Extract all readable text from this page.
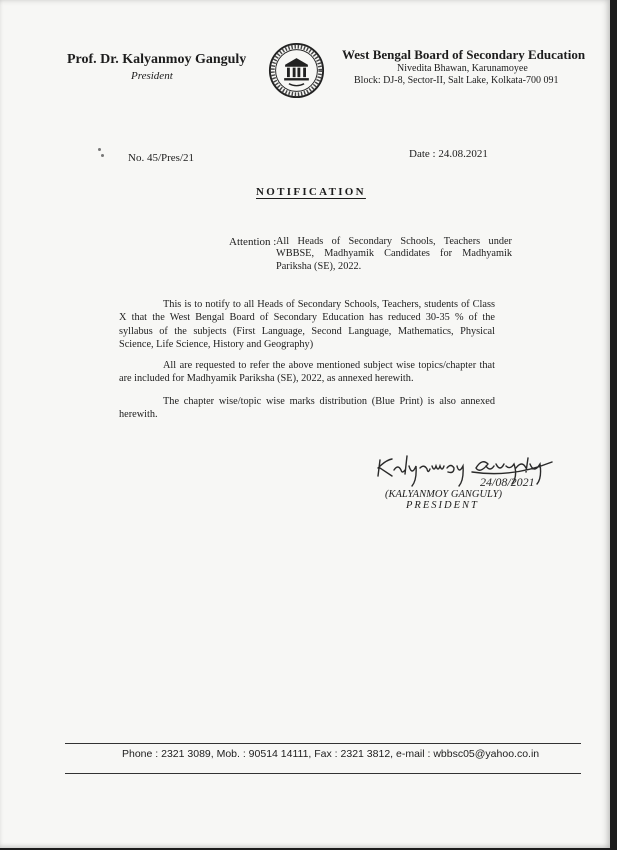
Prof. Dr. Kalyanmoy Ganguly
President
West Bengal Board of Secondary Education
Nivedita Bhawan, Karunamoyee
Block: DJ-8, Sector-II, Salt Lake, Kolkata-700 091
No. 45/Pres/21	Date : 24.08.2021
NOTIFICATION
Attention : All Heads of Secondary Schools, Teachers under WBBSE, Madhyamik Candidates for Madhyamik Pariksha (SE), 2022.
This is to notify to all Heads of Secondary Schools, Teachers, students of Class X that the West Bengal Board of Secondary Education has reduced 30-35 % of the syllabus of the subjects (First Language, Second Language, Mathematics, Physical Science, Life Science, History and Geography)
All are requested to refer the above mentioned subject wise topics/chapter that are included for Madhyamik Pariksha (SE), 2022, as annexed herewith.
The chapter wise/topic wise marks distribution (Blue Print) is also annexed herewith.
24/08/2021
(KALYANMOY GANGULY)
PRESIDENT
Phone : 2321 3089, Mob. : 90514 14111, Fax : 2321 3812, e-mail : wbbsc05@yahoo.co.in
